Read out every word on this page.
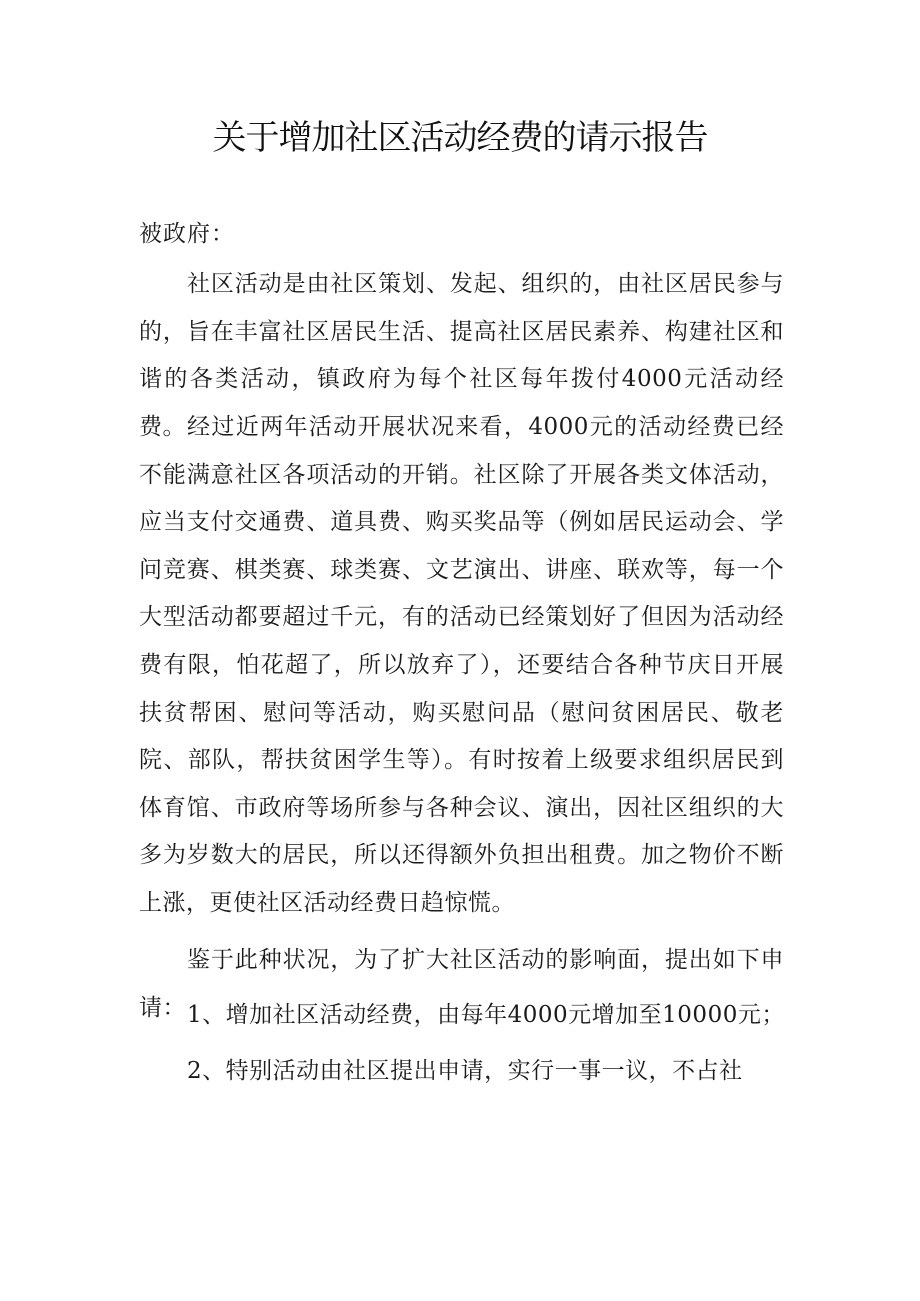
关于增加社区活动经费的请示报告

被政府：

社区活动是由社区策划、发起、组织的，由社区居民参与的，旨在丰富社区居民生活、提高社区居民素养、构建社区和谐的各类活动，镇政府为每个社区每年拨付4000元活动经费。 经过近两年活动开展状况来看，4000元的活动经费已经不能满意社区各项活动的开销。社区除了开展各类文体活动，应当支付交通费、道具费、购买奖品等（例如居民运动会、学问竞赛、棋类赛、球类赛、文艺演出、讲座、联欢等，每一个大型活动都要超过千元，有的活动已经策划好了但因为活动经费有限，怕花超了，所以放弃了），还要结合各种节庆日开展扶贫帮困、慰问等活动，购买慰问品（慰问贫困居民、敬老院、部队，帮扶贫困学生等）。有时按着上级要求组织居民到体育馆、市政府等场所参与各种会议、演出，因社区组织的大多为岁数大的居民，所以还得额外负担出租费。加之物价不断上涨，更使社区活动经费日趋惊慌。

鉴于此种状况，为了扩大社区活动的影响面，提出如下申请： 1、增加社区活动经费，由每年4000元增加至10000元；

2、特别活动由社区提出申请，实行一事一议，不占社
